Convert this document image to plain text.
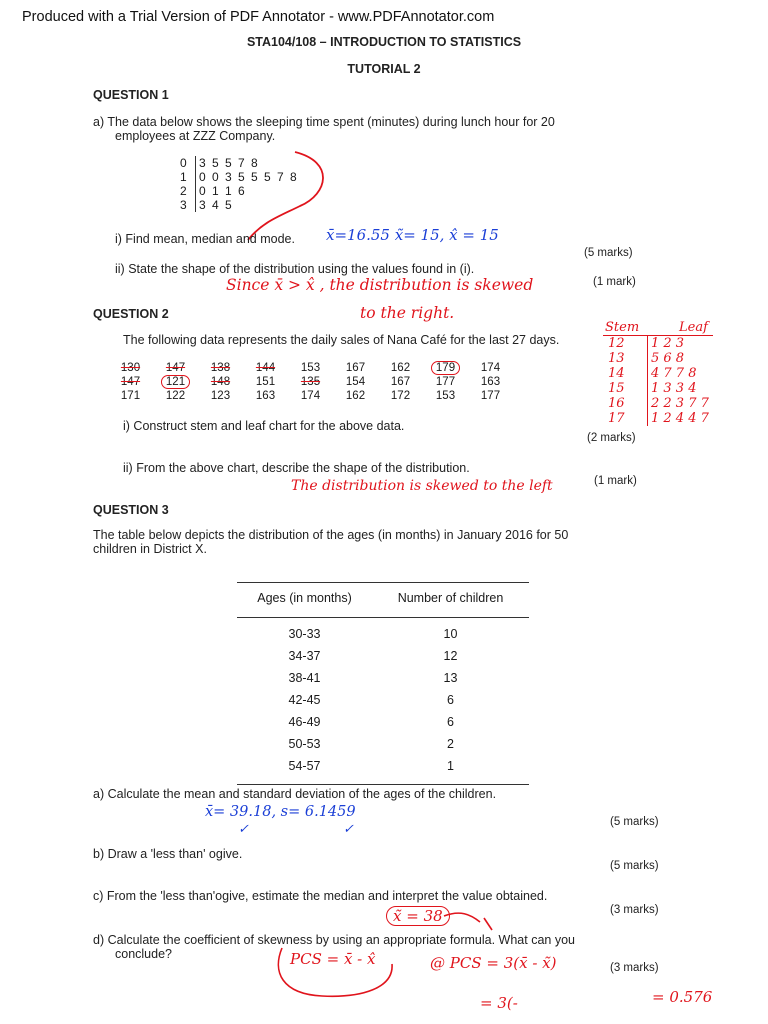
Produced with a Trial Version of PDF Annotator - www.PDFAnnotator.com
STA104/108 – INTRODUCTION TO STATISTICS
TUTORIAL 2
QUESTION 1
a) The data below shows the sleeping time spent (minutes) during lunch hour for 20
employees at ZZZ Company.
0 3 5 5 7 8
1 0 0 3 5 5 5 7 8
2 0 1 1 6
3 3 4 5
i) Find mean, median and mode. x̄=16.55 x̃= 15, x̂ = 15
(5 marks)
ii) State the shape of the distribution using the values found in (i).
Since x̄ > x̂ , the distribution is skewed	(1 mark)
to the right.
QUESTION 2
The following data represents the daily sales of Nana Café for the last 27 days.
130	147	138	144	153	167	162	179	174
147	121	148	151	135	154	167	177	163
171	122	123	163	174	162	172	153	177
i) Construct stem and leaf chart for the above data.
(2 marks)
Stem	Leaf
12	1 2 3
13	5 6 8
14	4 7 7 8
15	1 3 3 4
16	2 2 3 7 7
17	1 2 4 4 7
ii) From the above chart, describe the shape of the distribution.
The distribution is skewed to the left	(1 mark)
QUESTION 3
The table below depicts the distribution of the ages (in months) in January 2016 for 50
children in District X.
Ages (in months)	Number of children
30-33	10
34-37	12
38-41	13
42-45	6
46-49	6
50-53	2
54-57	1
a) Calculate the mean and standard deviation of the ages of the children.
x̄= 39.18, s= 6.1459
✓	✓	(5 marks)
b) Draw a 'less than' ogive.
(5 marks)
c) From the 'less than'ogive, estimate the median and interpret the value obtained.
(3 marks)
x̃ = 38
d) Calculate the coefficient of skewness by using an appropriate formula. What can you
conclude?
(3 marks)
PCS = x̄ - x̂	@ PCS = 3(x̄ - x̃)
= 3(-	= 0.576
